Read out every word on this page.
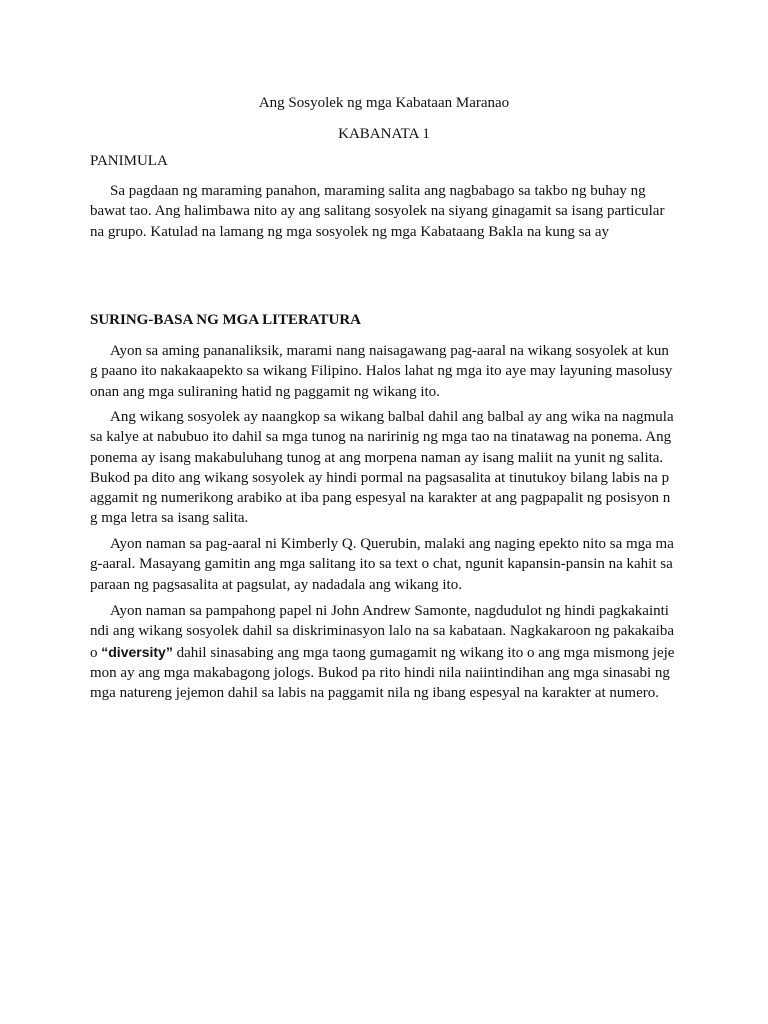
Ang Sosyolek ng mga Kabataan Maranao

KABANATA 1

PANIMULA

Sa pagdaan ng maraming panahon, maraming salita ang nagbabago sa takbo ng buhay ng
bawat tao. Ang halimbawa nito ay ang salitang sosyolek na siyang ginagamit sa isang particular
na grupo. Katulad na lamang ng mga sosyolek ng mga Kabataang Bakla na kung sa ay

SURING-BASA NG MGA LITERATURA

Ayon sa aming pananaliksik, marami nang naisagawang pag-aaral na wikang sosyolek at kun
g paano ito nakakaapekto sa wikang Filipino. Halos lahat ng mga ito aye may layuning masolusy
onan ang mga suliraning hatid ng paggamit ng wikang ito.
Ang wikang sosyolek ay naangkop sa wikang balbal dahil ang balbal ay ang wika na nagmula
sa kalye at nabubuo ito dahil sa mga tunog na naririnig ng mga tao na tinatawag na ponema. Ang
ponema ay isang makabuluhang tunog at ang morpena naman ay isang maliit na yunit ng salita.
Bukod pa dito ang wikang sosyolek ay hindi pormal na pagsasalita at tinutukoy bilang labis na p
aggamit ng numerikong arabiko at iba pang espesyal na karakter at ang pagpapalit ng posisyon n
g mga letra sa isang salita.
Ayon naman sa pag-aaral ni Kimberly Q. Querubin, malaki ang naging epekto nito sa mga ma
g-aaral. Masayang gamitin ang mga salitang ito sa text o chat, ngunit kapansin-pansin na kahit sa
paraan ng pagsasalita at pagsulat, ay nadadala ang wikang ito.
Ayon naman sa pampahong papel ni John Andrew Samonte, nagdudulot ng hindi pagkakainti
ndi ang wikang sosyolek dahil sa diskriminasyon lalo na sa kabataan. Nagkakaroon ng pakakaiba
o “diversity” dahil sinasabing ang mga taong gumagamit ng wikang ito o ang mga mismong jeje
mon ay ang mga makabagong jologs. Bukod pa rito hindi nila naiintindihan ang mga sinasabi ng
mga natureng jejemon dahil sa labis na paggamit nila ng ibang espesyal na karakter at numero.
